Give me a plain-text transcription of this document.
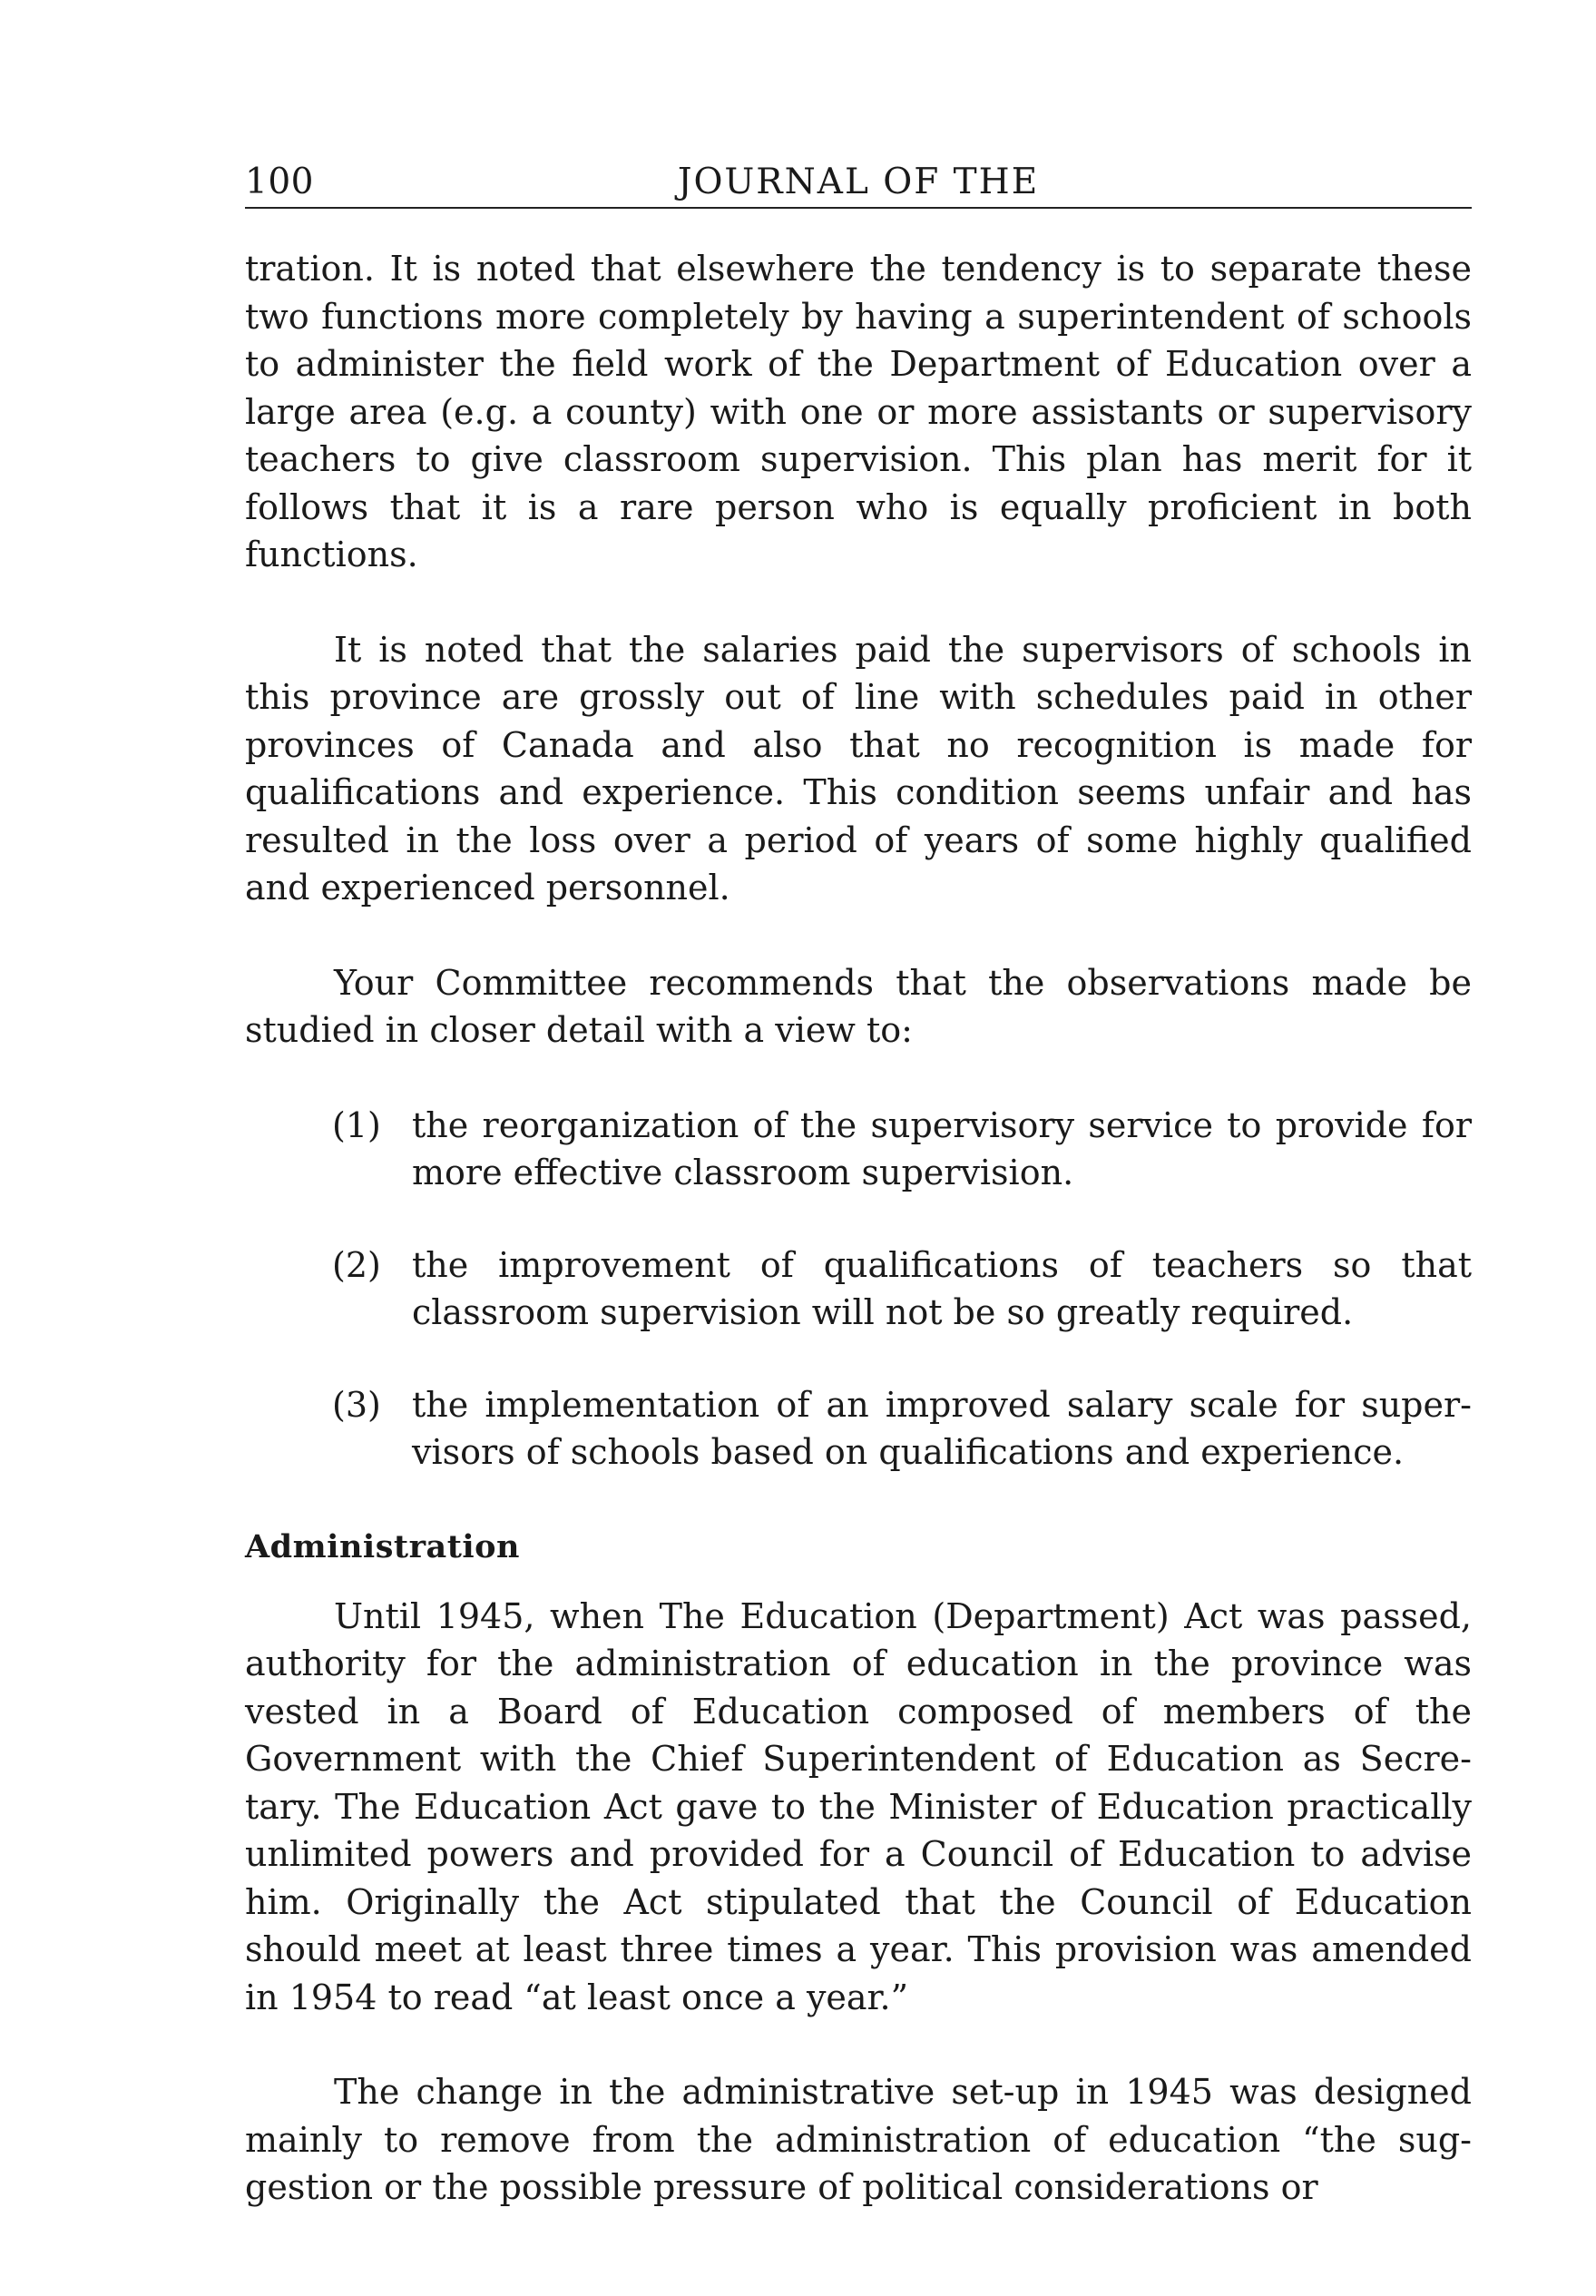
100	JOURNAL OF THE

tration. It is noted that elsewhere the tendency is to separate these two functions more completely by having a superintendent of schools to administer the field work of the Department of Education over a large area (e.g. a county) with one or more assistants or supervisory teachers to give classroom supervision. This plan has merit for it follows that it is a rare person who is equally proficient in both functions.

It is noted that the salaries paid the supervisors of schools in this province are grossly out of line with schedules paid in other provinces of Canada and also that no recognition is made for qualifications and experience. This condition seems unfair and has resulted in the loss over a period of years of some highly qualified and experienced personnel.

Your Committee recommends that the observations made be studied in closer detail with a view to:

(1) the reorganization of the supervisory service to provide for more effective classroom supervision.
(2) the improvement of qualifications of teachers so that classroom supervision will not be so greatly required.
(3) the implementation of an improved salary scale for supervisors of schools based on qualifications and experience.
Administration

Until 1945, when The Education (Department) Act was passed, authority for the administration of education in the province was vested in a Board of Education composed of members of the Government with the Chief Superintendent of Education as Secretary. The Education Act gave to the Minister of Education practically unlimited powers and provided for a Council of Education to advise him. Originally the Act stipulated that the Council of Education should meet at least three times a year. This provision was amended in 1954 to read “at least once a year.”

The change in the administrative set-up in 1945 was designed mainly to remove from the administration of education “the suggestion or the possible pressure of political considerations or
